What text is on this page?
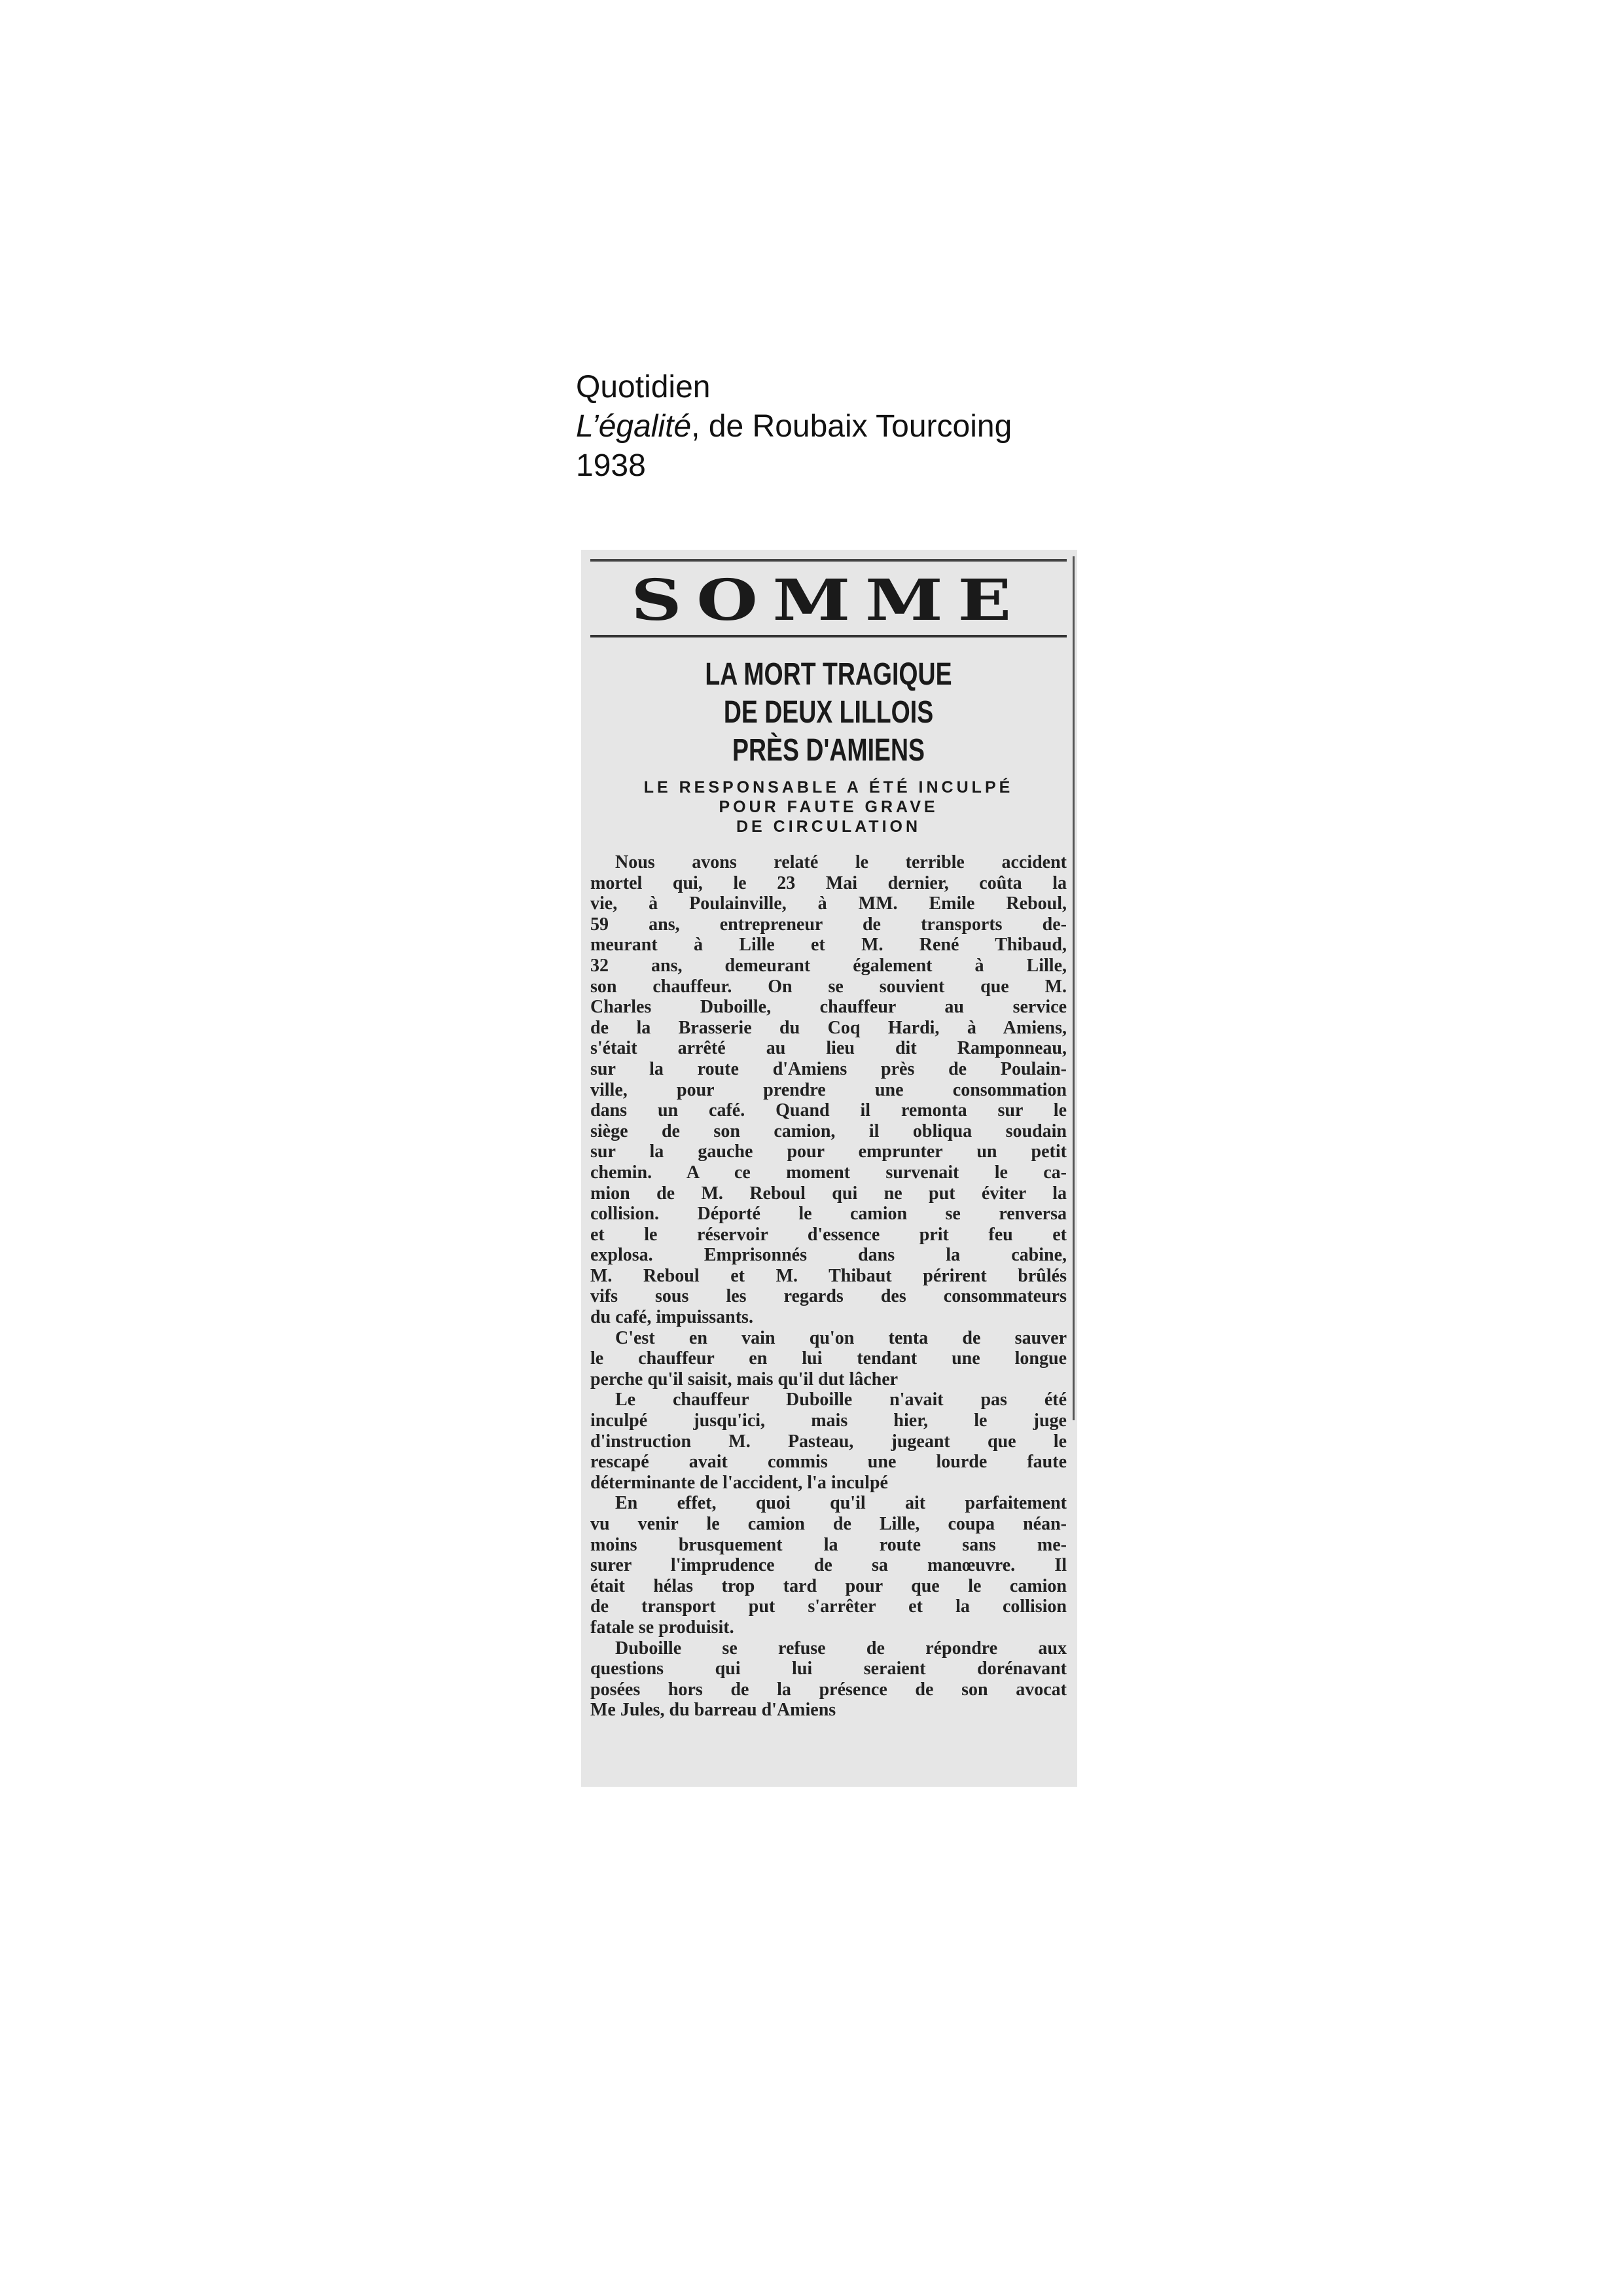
Quotidien
L’égalité, de Roubaix Tourcoing
1938
SOMME
LA MORT TRAGIQUE
DE DEUX LILLOIS
PRÈS D'AMIENS
LE RESPONSABLE A ÉTÉ INCULPÉ
POUR FAUTE GRAVE
DE CIRCULATION
Nous avons relaté le terrible accident
mortel qui, le 23 Mai dernier, coûta la
vie, à Poulainville, à MM. Emile Reboul,
59 ans, entrepreneur de transports de-
meurant à Lille et M. René Thibaud,
32 ans, demeurant également à Lille,
son chauffeur. On se souvient que M.
Charles Duboille, chauffeur au service
de la Brasserie du Coq Hardi, à Amiens,
s'était arrêté au lieu dit Ramponneau,
sur la route d'Amiens près de Poulain-
ville, pour prendre une consommation
dans un café. Quand il remonta sur le
siège de son camion, il obliqua soudain
sur la gauche pour emprunter un petit
chemin. A ce moment survenait le ca-
mion de M. Reboul qui ne put éviter la
collision. Déporté le camion se renversa
et le réservoir d'essence prit feu et
explosa. Emprisonnés dans la cabine,
M. Reboul et M. Thibaut périrent brûlés
vifs sous les regards des consommateurs
du café, impuissants.
C'est en vain qu'on tenta de sauver
le chauffeur en lui tendant une longue
perche qu'il saisit, mais qu'il dut lâcher
Le chauffeur Duboille n'avait pas été
inculpé jusqu'ici, mais hier, le juge
d'instruction M. Pasteau, jugeant que le
rescapé avait commis une lourde faute
déterminante de l'accident, l'a inculpé
En effet, quoi qu'il ait parfaitement
vu venir le camion de Lille, coupa néan-
moins brusquement la route sans me-
surer l'imprudence de sa manœuvre. Il
était hélas trop tard pour que le camion
de transport put s'arrêter et la collision
fatale se produisit.
Duboille se refuse de répondre aux
questions qui lui seraient dorénavant
posées hors de la présence de son avocat
Me Jules, du barreau d'Amiens
